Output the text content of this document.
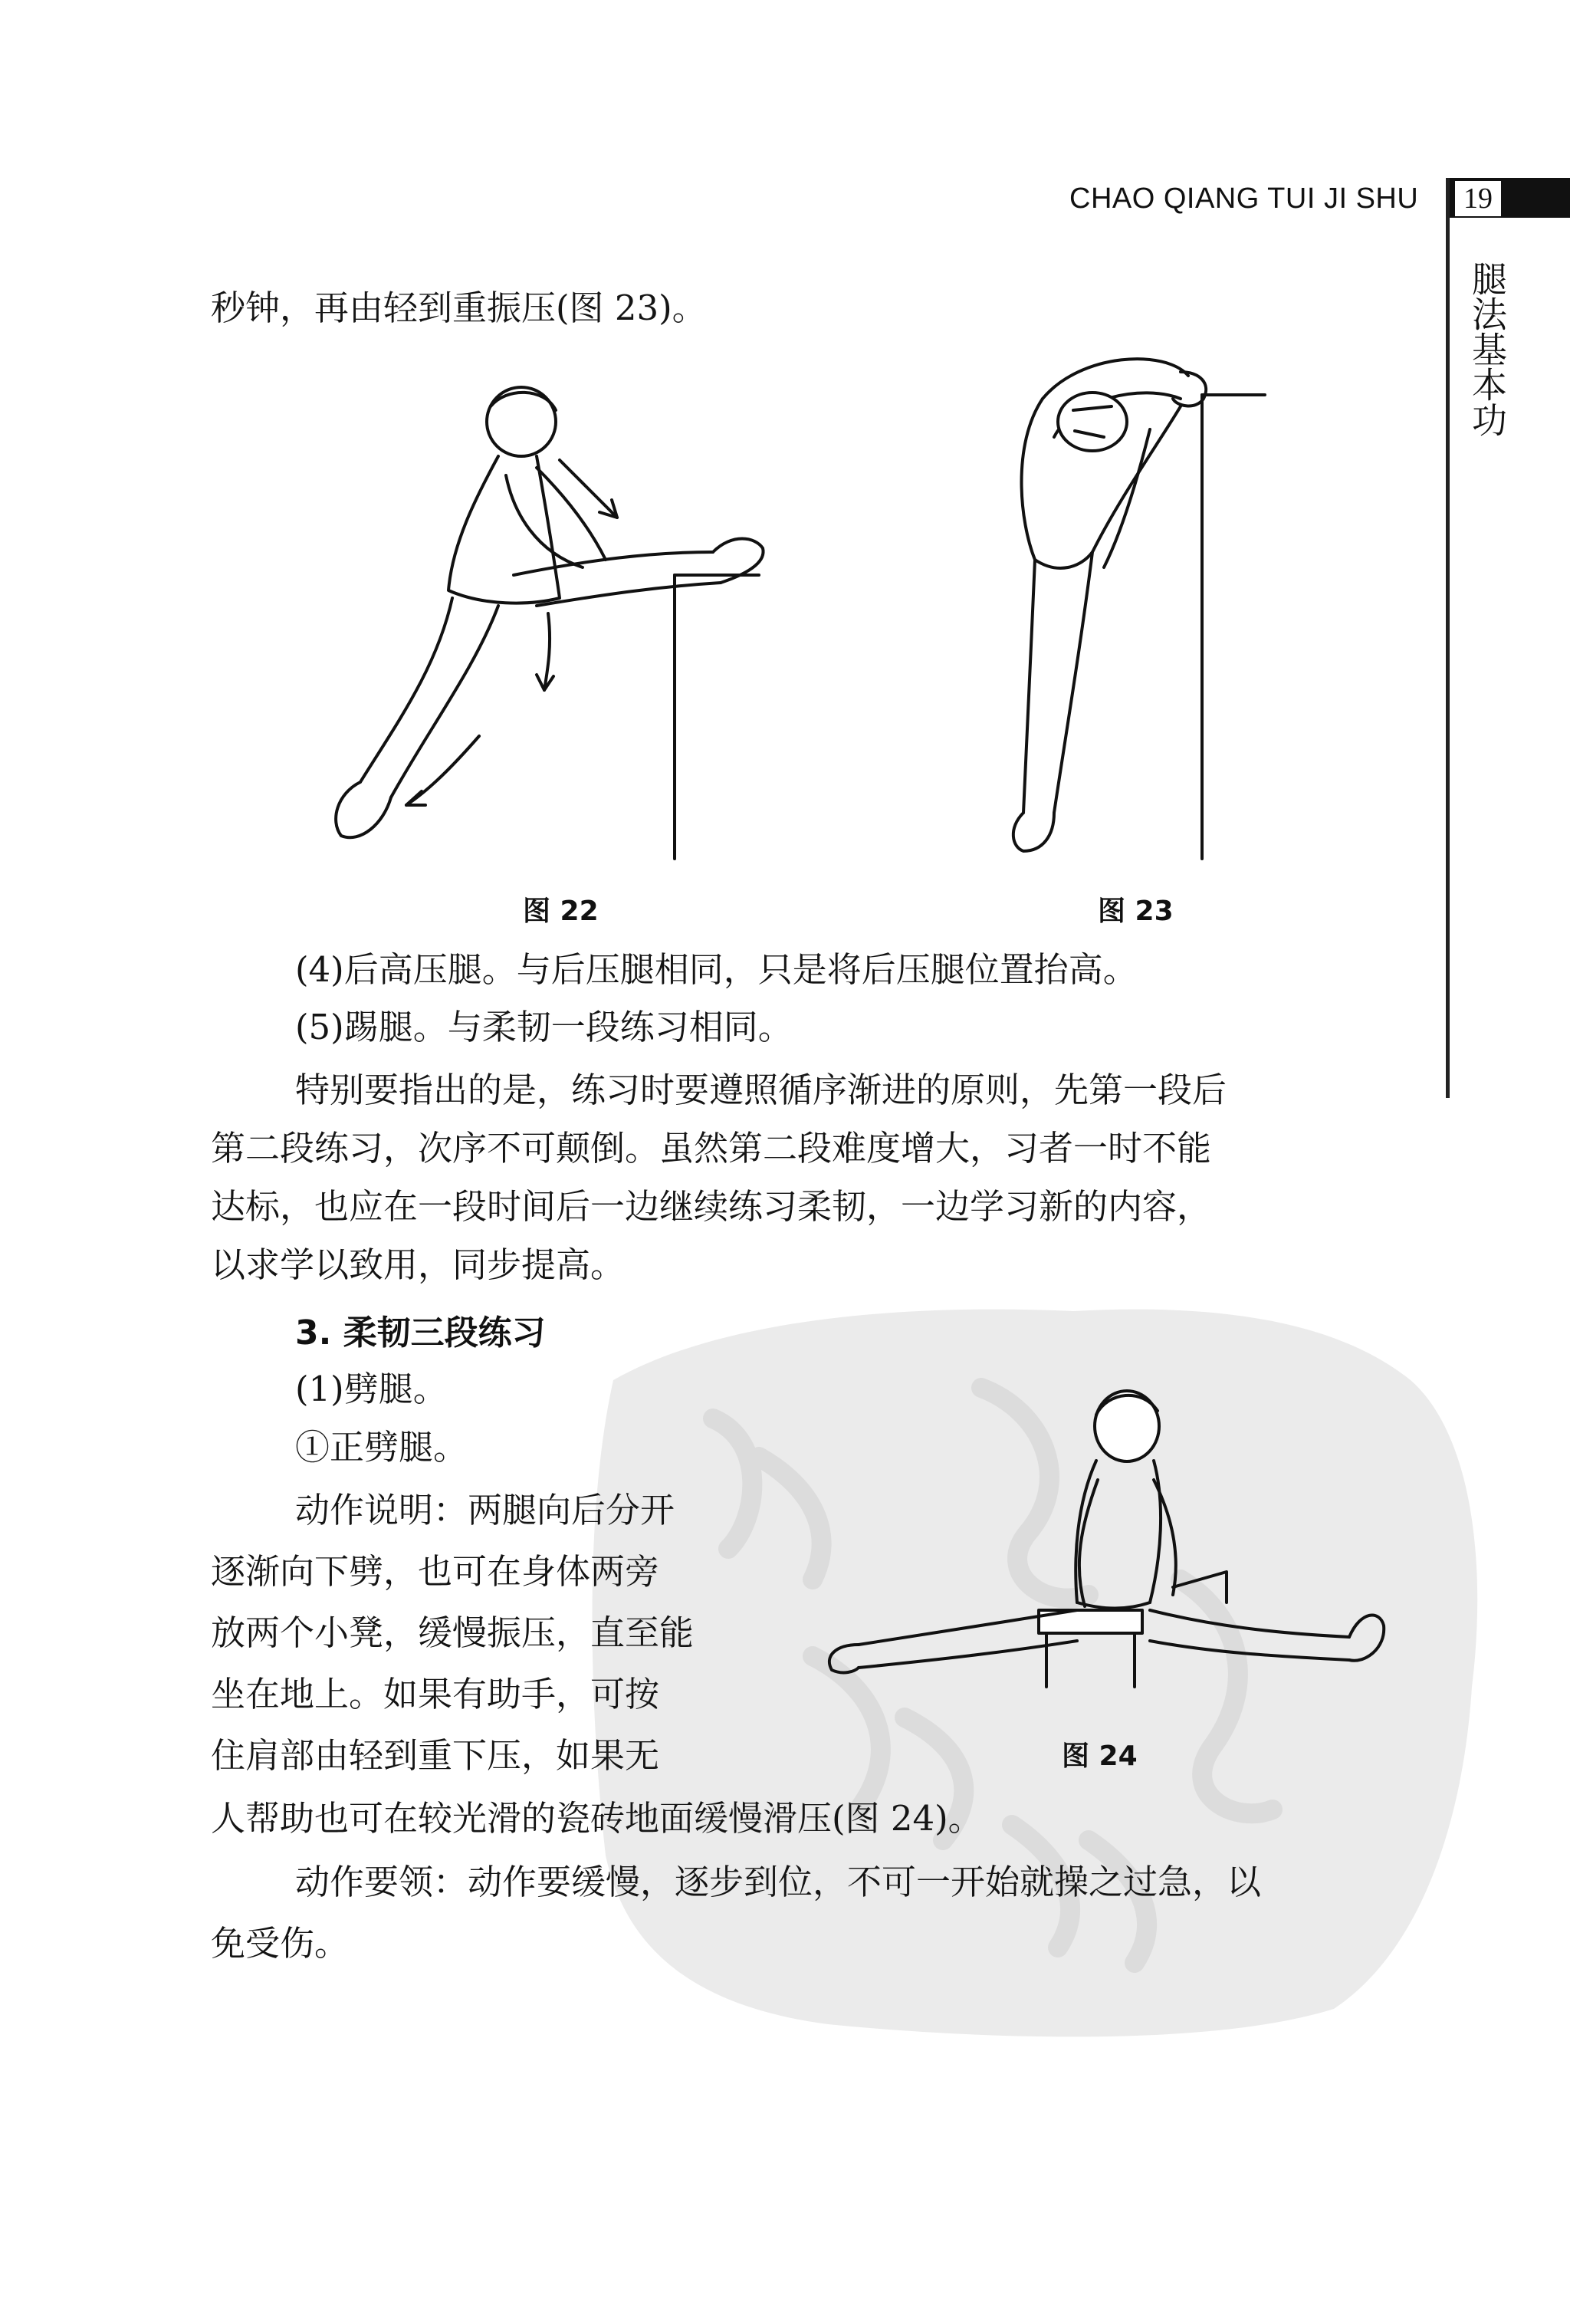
CHAO QIANG TUI JI SHU 19
腿法基本功
秒钟，再由轻到重振压(图 23)。
图 22	图 23
(4)后高压腿。与后压腿相同，只是将后压腿位置抬高。
(5)踢腿。与柔韧一段练习相同。
特别要指出的是，练习时要遵照循序渐进的原则，先第一段后
第二段练习，次序不可颠倒。虽然第二段难度增大，习者一时不能
达标，也应在一段时间后一边继续练习柔韧，一边学习新的内容，
以求学以致用，同步提高。
3. 柔韧三段练习
(1)劈腿。
①正劈腿。
动作说明：两腿向后分开
逐渐向下劈，也可在身体两旁
放两个小凳，缓慢振压，直至能
坐在地上。如果有助手，可按
住肩部由轻到重下压，如果无	图 24
人帮助也可在较光滑的瓷砖地面缓慢滑压(图 24)。
动作要领：动作要缓慢，逐步到位，不可一开始就操之过急，以
免受伤。
